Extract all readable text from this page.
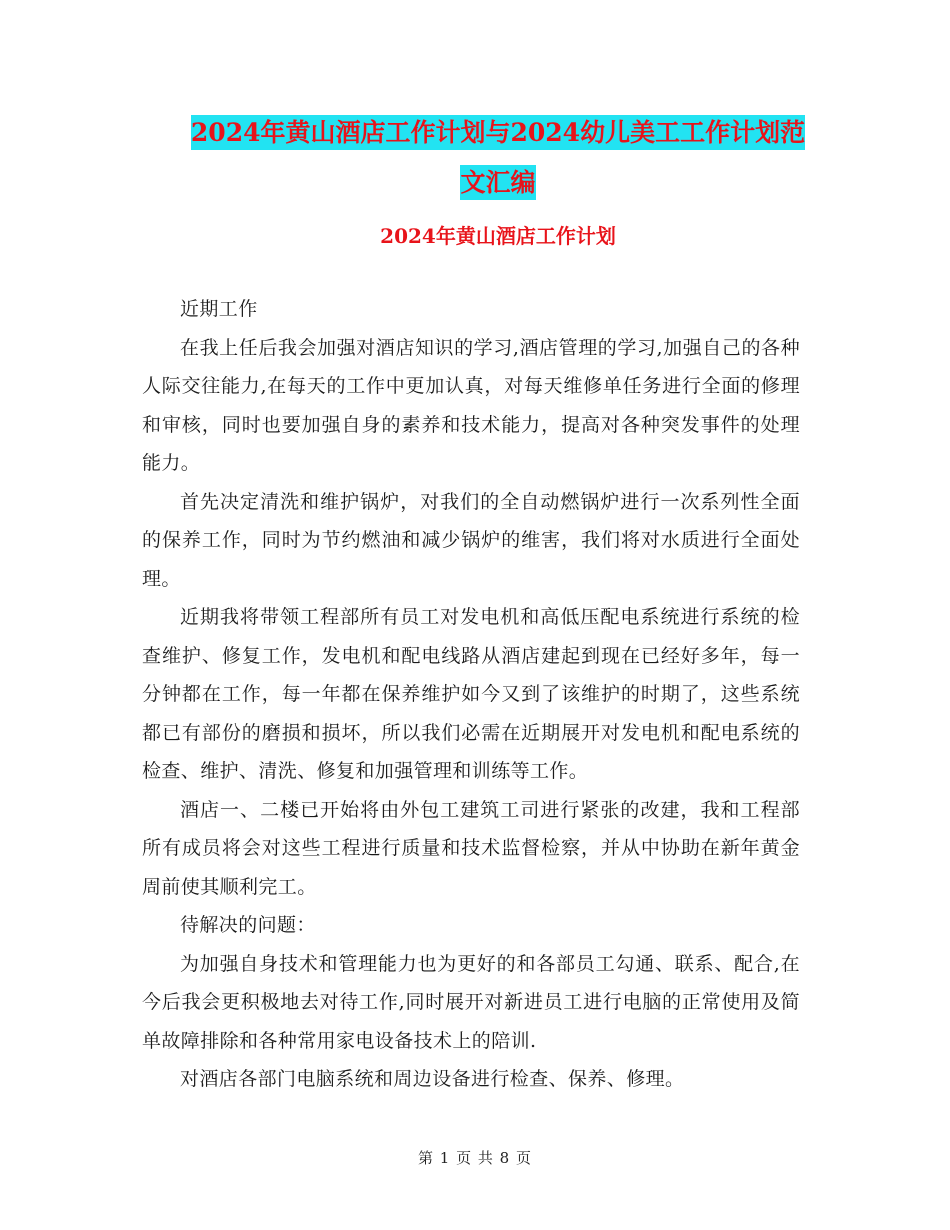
2024年黄山酒店工作计划与2024幼儿美工工作计划范
文汇编
2024年黄山酒店工作计划

近期工作

在我上任后我会加强对酒店知识的学习,酒店管理的学习,加强自己的各种人际交往能力,在每天的工作中更加认真，对每天维修单任务进行全面的修理和审核，同时也要加强自身的素养和技术能力，提高对各种突发事件的处理能力。

首先决定清洗和维护锅炉，对我们的全自动燃锅炉进行一次系列性全面的保养工作，同时为节约燃油和减少锅炉的维害，我们将对水质进行全面处理。

近期我将带领工程部所有员工对发电机和高低压配电系统进行系统的检查维护、修复工作，发电机和配电线路从酒店建起到现在已经好多年，每一分钟都在工作，每一年都在保养维护如今又到了该维护的时期了，这些系统都已有部份的磨损和损坏，所以我们必需在近期展开对发电机和配电系统的检查、维护、清洗、修复和加强管理和训练等工作。

酒店一、二楼已开始将由外包工建筑工司进行紧张的改建，我和工程部所有成员将会对这些工程进行质量和技术监督检察，并从中协助在新年黄金周前使其顺利完工。

待解决的问题：

为加强自身技术和管理能力也为更好的和各部员工勾通、联系、配合,在今后我会更积极地去对待工作,同时展开对新进员工进行电脑的正常使用及简单故障排除和各种常用家电设备技术上的陪训.

对酒店各部门电脑系统和周边设备进行检查、保养、修理。

第 1 页 共 8 页
